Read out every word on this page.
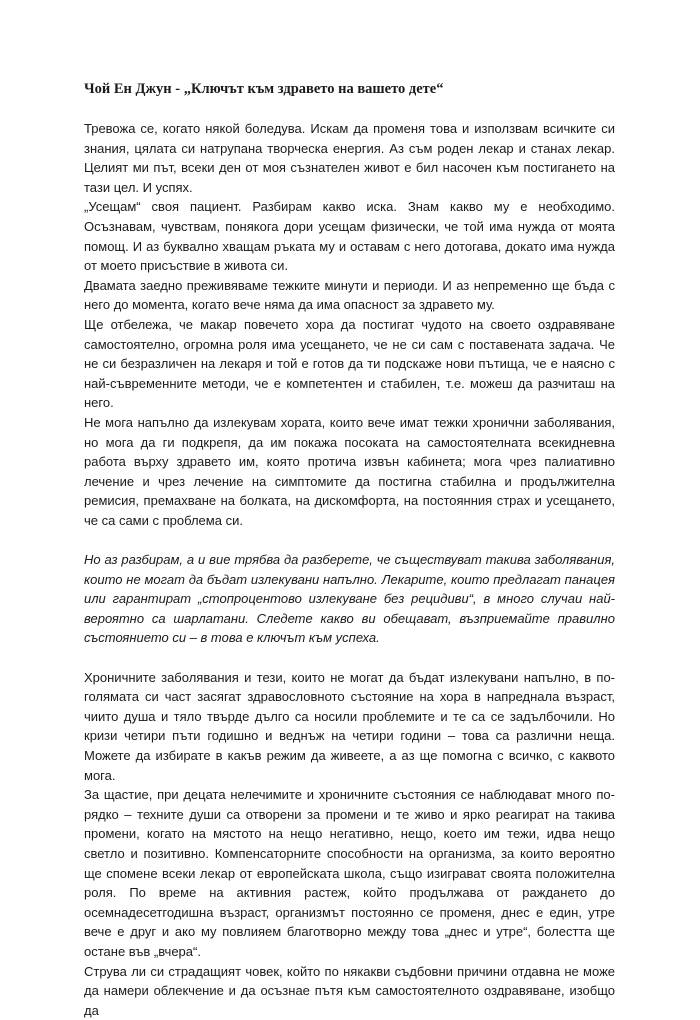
Чой Ен Джун - „Ключът към здравето на вашето дете“

Тревожа се, когато някой боледува. Искам да променя това и използвам всичките си знания, цялата си натрупана творческа енергия. Аз съм роден лекар и станах лекар. Целият ми път, всеки ден от моя съзнателен живот е бил насочен към постигането на тази цел. И успях.

„Усещам“ своя пациент. Разбирам какво иска. Знам какво му е необходимо. Осъзнавам, чувствам, понякога дори усещам физически, че той има нужда от моята помощ. И аз буквално хващам ръката му и оставам с него дотогава, докато има нужда от моето присъствие в живота си.

Двамата заедно преживяваме тежките минути и периоди. И аз непременно ще бъда с него до момента, когато вече няма да има опасност за здравето му.

Ще отбележа, че макар повечето хора да постигат чудото на своето оздравяване самостоятелно, огромна роля има усещането, че не си сам с поставената задача. Че не си безразличен на лекаря и той е готов да ти подскаже нови пътища, че е наясно с най-съвременните методи, че е компетентен и стабилен, т.е. можеш да разчиташ на него.

Не мога напълно да излекувам хората, които вече имат тежки хронични заболявания, но мога да ги подкрепя, да им покажа посоката на самостоятелната всекидневна работа върху здравето им, която протича извън кабинета; мога чрез палиативно лечение и чрез лечение на симптомите да постигна стабилна и продължителна ремисия, премахване на болката, на дискомфорта, на постоянния страх и усещането, че са сами с проблема си.

Но аз разбирам, а и вие трябва да разберете, че съществуват такива заболявания, които не могат да бъдат излекувани напълно. Лекарите, които предлагат панацея или гарантират „стопроцентово излекуване без рецидиви“, в много случаи най-вероятно са шарлатани. Следете какво ви обещават, възприемайте правилно състоянието си – в това е ключът към успеха.

Хроничните заболявания и тези, които не могат да бъдат излекувани напълно, в по-голямата си част засягат здравословното състояние на хора в напреднала възраст, чиито душа и тяло твърде дълго са носили проблемите и те са се задълбочили. Но кризи четири пъти годишно и веднъж на четири години – това са различни неща. Можете да избирате в какъв режим да живеете, а аз ще помогна с всичко, с каквото мога.

За щастие, при децата нелечимите и хроничните състояния се наблюдават много по-рядко – техните души са отворени за промени и те живо и ярко реагират на такива промени, когато на мястото на нещо негативно, нещо, което им тежи, идва нещо светло и позитивно. Компенсаторните способности на организма, за които вероятно ще спомене всеки лекар от европейската школа, също изиграват своята положителна роля. По време на активния растеж, който продължава от раждането до осемнадесетгодишна възраст, организмът постоянно се променя, днес е един, утре вече е друг и ако му повлияем благотворно между това „днес и утре“, болестта ще остане във „вчера“.

Струва ли си страдащият човек, който по някакви съдбовни причини отдавна не може да намери облекчение и да осъзнае пътя към самостоятелното оздравяване, изобщо да
